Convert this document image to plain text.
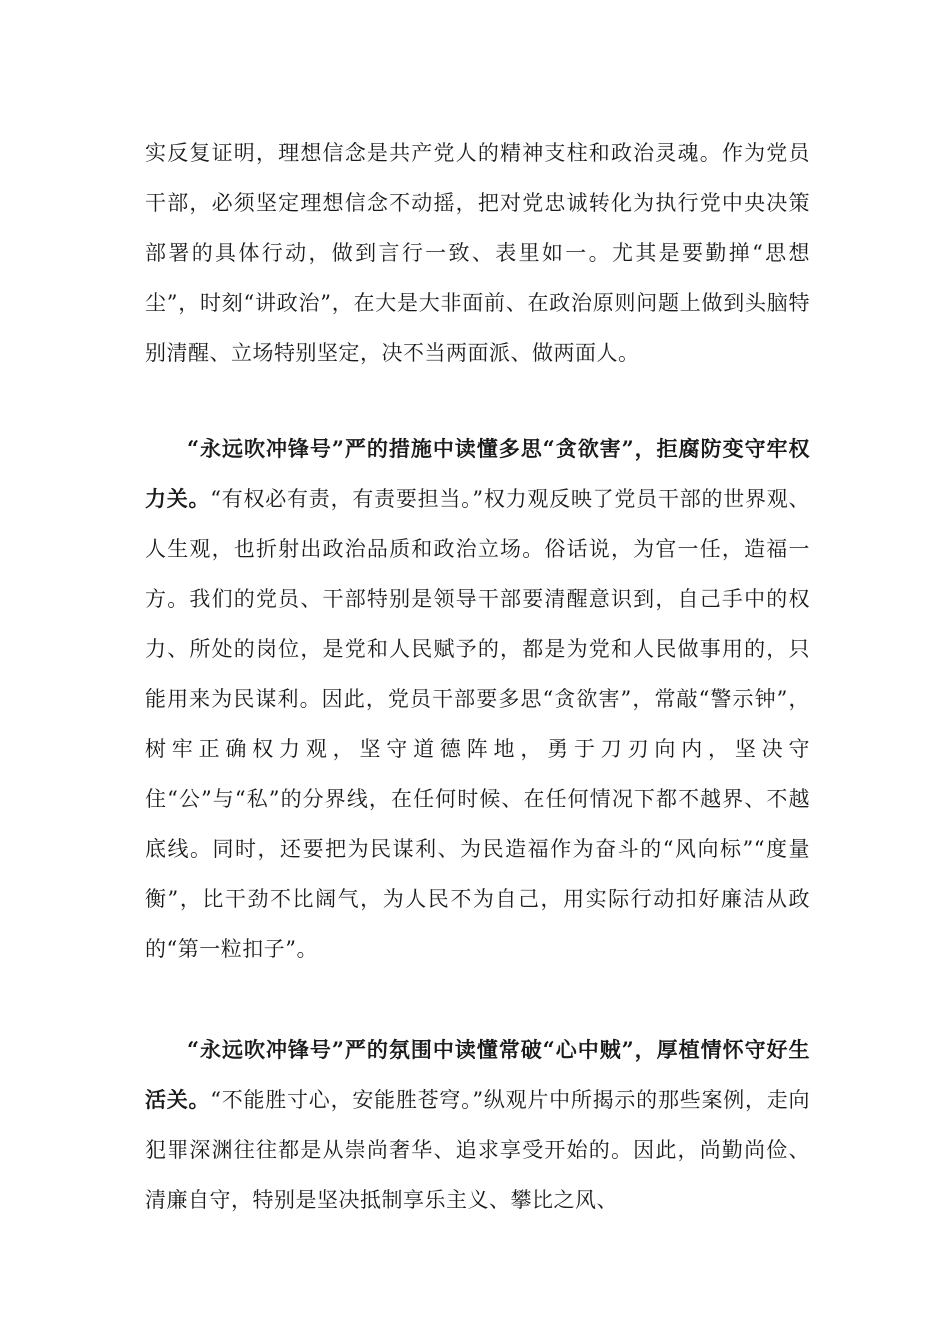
实反复证明，理想信念是共产党人的精神支柱和政治灵魂。作为党员干部，必须坚定理想信念不动摇，把对党忠诚转化为执行党中央决策部署的具体行动，做到言行一致、表里如一。尤其是要勤掸“思想尘”，时刻“讲政治”，在大是大非面前、在政治原则问题上做到头脑特别清醒、立场特别坚定，决不当两面派、做两面人。

“永远吹冲锋号”严的措施中读懂多思“贪欲害”，拒腐防变守牢权力关。“有权必有责，有责要担当。”权力观反映了党员干部的世界观、人生观，也折射出政治品质和政治立场。俗话说，为官一任，造福一方。我们的党员、干部特别是领导干部要清醒意识到，自己手中的权力、所处的岗位，是党和人民赋予的，都是为党和人民做事用的，只能用来为民谋利。因此，党员干部要多思“贪欲害”，常敲“警示钟”，树牢正确权力观，坚守道德阵地，勇于刀刃向内，坚决守住“公”与“私”的分界线，在任何时候、在任何情况下都不越界、不越底线。同时，还要把为民谋利、为民造福作为奋斗的“风向标”“度量衡”，比干劲不比阔气，为人民不为自己，用实际行动扣好廉洁从政的“第一粒扣子”。

“永远吹冲锋号”严的氛围中读懂常破“心中贼”，厚植情怀守好生活关。“不能胜寸心，安能胜苍穹。”纵观片中所揭示的那些案例，走向犯罪深渊往往都是从崇尚奢华、追求享受开始的。因此，尚勤尚俭、清廉自守，特别是坚决抵制享乐主义、攀比之风、
